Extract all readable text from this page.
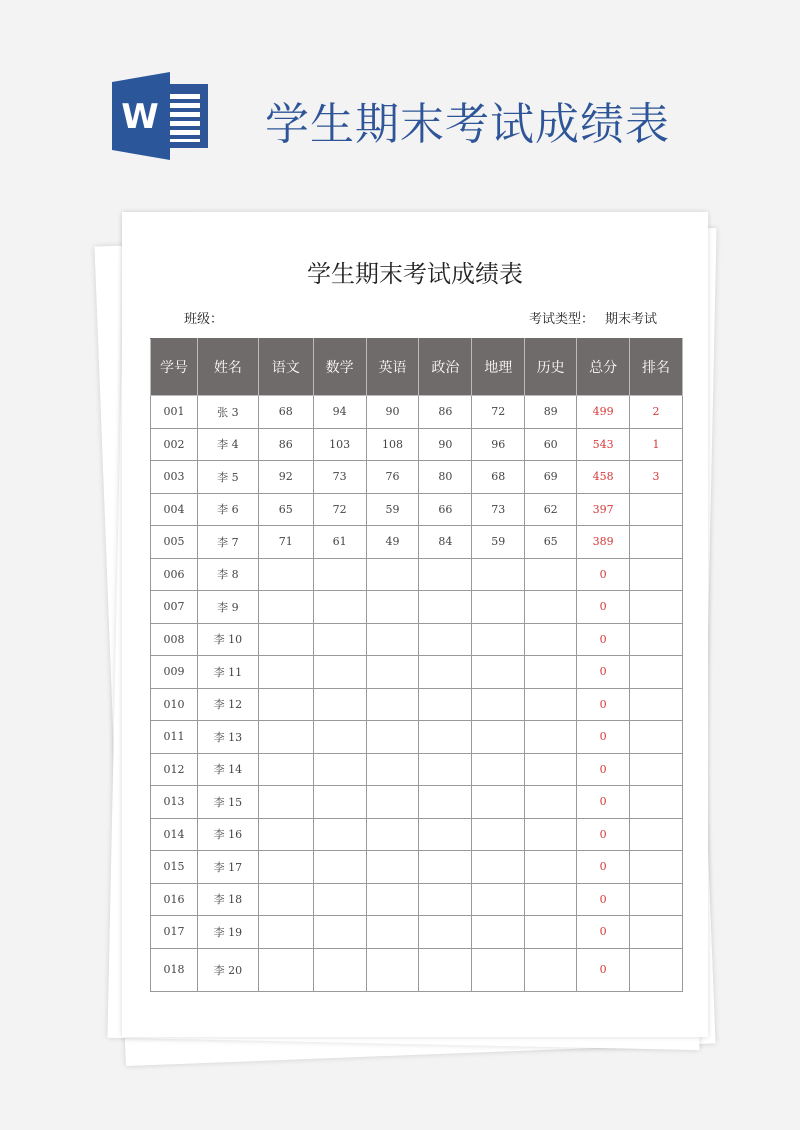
W 学生期末考试成绩表
学生期末考试成绩表
班级：	考试类型： 期末考试
学号	姓名	语文	数学	英语	政治	地理	历史	总分	排名
001	张 3	68	94	90	86	72	89	499	2
002	李 4	86	103	108	90	96	60	543	1
003	李 5	92	73	76	80	68	69	458	3
004	李 6	65	72	59	66	73	62	397	
005	李 7	71	61	49	84	59	65	389	
006	李 8							0	
007	李 9							0	
008	李 10							0	
009	李 11							0	
010	李 12							0	
011	李 13							0	
012	李 14							0	
013	李 15							0	
014	李 16							0	
015	李 17							0	
016	李 18							0	
017	李 19							0	
018	李 20							0	
